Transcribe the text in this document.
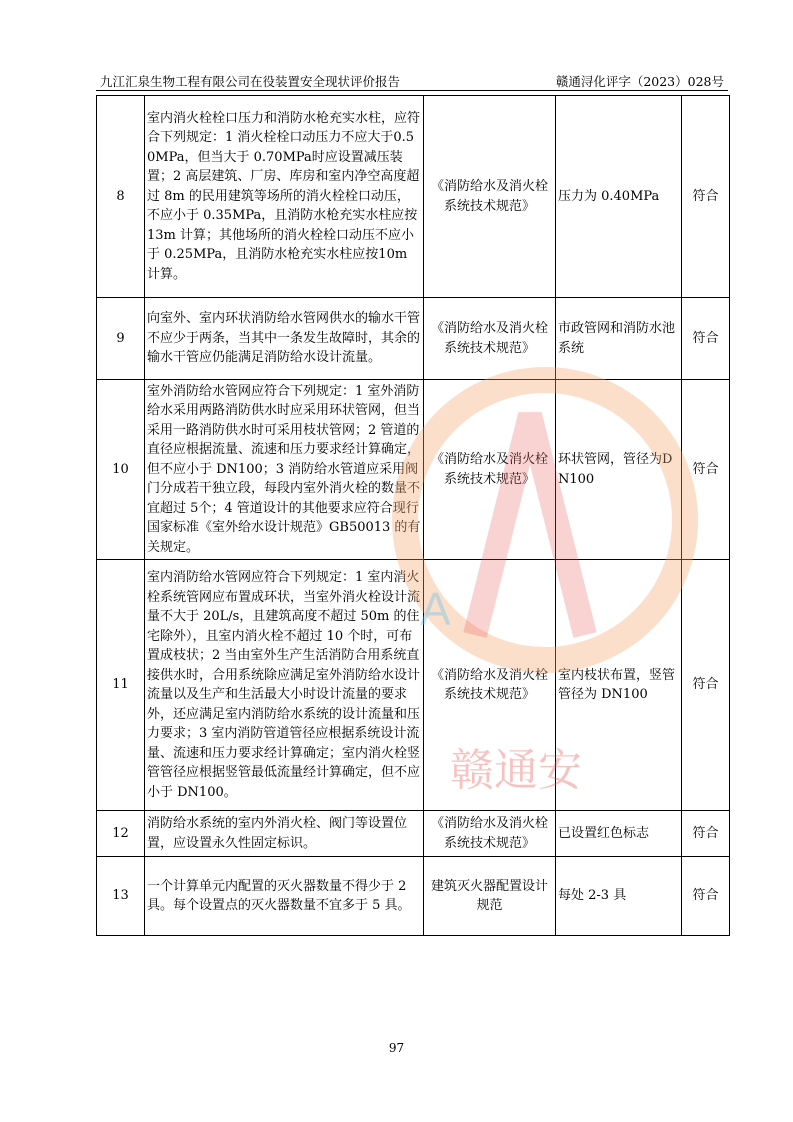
九江汇泉生物工程有限公司在役装置安全现状评价报告	赣通浔化评字（2023）028号
8	室内消火栓栓口压力和消防水枪充实水柱，应符合下列规定：1 消火栓栓口动压力不应大于0.50MPa，但当大于 0.70MPa时应设置减压装置；2 高层建筑、厂房、库房和室内净空高度超过 8m 的民用建筑等场所的消火栓栓口动压，不应小于 0.35MPa，且消防水枪充实水柱应按 13m 计算；其他场所的消火栓栓口动压不应小于 0.25MPa，且消防水枪充实水柱应按10m 计算。	《消防给水及消火栓系统技术规范》	压力为 0.40MPa	符合
9	向室外、室内环状消防给水管网供水的输水干管不应少于两条，当其中一条发生故障时，其余的输水干管应仍能满足消防给水设计流量。	《消防给水及消火栓系统技术规范》	市政管网和消防水池系统	符合
10	室外消防给水管网应符合下列规定：1 室外消防给水采用两路消防供水时应采用环状管网，但当采用一路消防供水时可采用枝状管网；2 管道的直径应根据流量、流速和压力要求经计算确定，但不应小于 DN100；3 消防给水管道应采用阀门分成若干独立段，每段内室外消火栓的数量不宜超过 5个；4 管道设计的其他要求应符合现行国家标准《室外给水设计规范》GB50013 的有关规定。	《消防给水及消火栓系统技术规范》	环状管网，管径为DN100	符合
11	室内消防给水管网应符合下列规定：1 室内消火栓系统管网应布置成环状，当室外消火栓设计流量不大于 20L/s，且建筑高度不超过 50m 的住宅除外），且室内消火栓不超过 10 个时，可布置成枝状；2 当由室外生产生活消防合用系统直接供水时，合用系统除应满足室外消防给水设计流量以及生产和生活最大小时设计流量的要求外，还应满足室内消防给水系统的设计流量和压力要求；3 室内消防管道管径应根据系统设计流量、流速和压力要求经计算确定；室内消火栓竖管管径应根据竖管最低流量经计算确定，但不应小于 DN100。	《消防给水及消火栓系统技术规范》	室内枝状布置，竖管管径为 DN100	符合
12	消防给水系统的室内外消火栓、阀门等设置位置，应设置永久性固定标识。	《消防给水及消火栓系统技术规范》	已设置红色标志	符合
13	一个计算单元内配置的灭火器数量不得少于 2 具。每个设置点的灭火器数量不宜多于 5 具。	建筑灭火器配置设计规范	每处 2-3 具	符合
A
赣通安
97
